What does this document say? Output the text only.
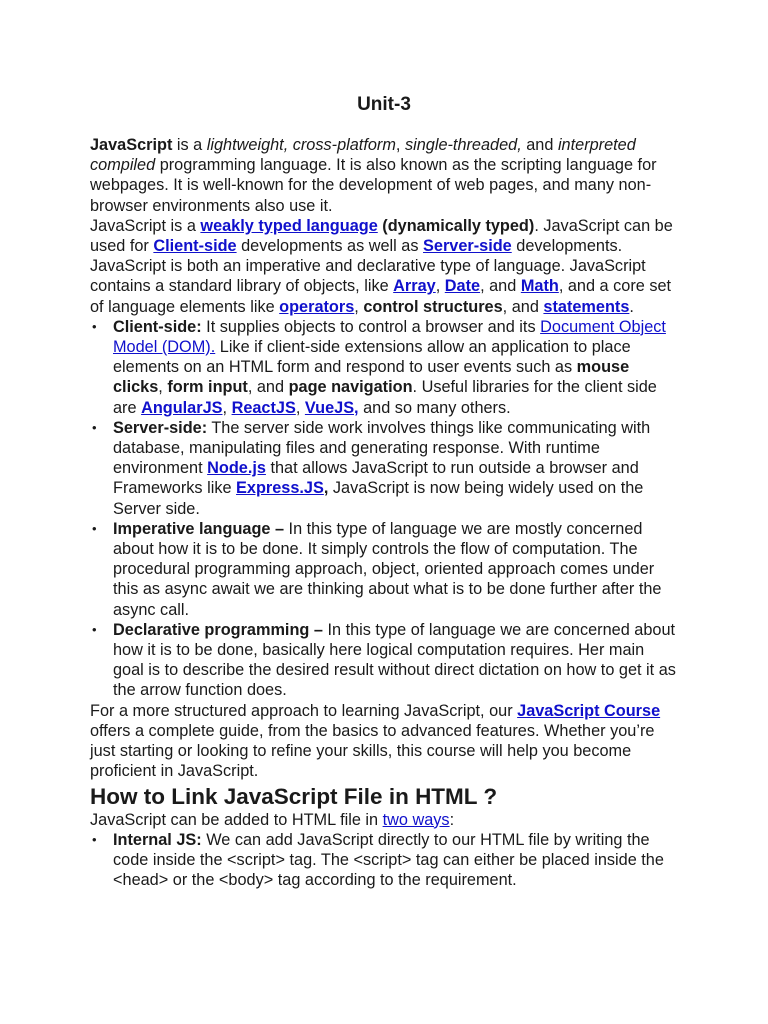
Unit-3

JavaScript is a lightweight, cross-platform, single-threaded, and interpreted compiled programming language. It is also known as the scripting language for webpages. It is well-known for the development of web pages, and many non-browser environments also use it.

JavaScript is a weakly typed language (dynamically typed). JavaScript can be used for Client-side developments as well as Server-side developments. JavaScript is both an imperative and declarative type of language. JavaScript contains a standard library of objects, like Array, Date, and Math, and a core set of language elements like operators, control structures, and statements.

• Client-side: It supplies objects to control a browser and its Document Object Model (DOM). Like if client-side extensions allow an application to place elements on an HTML form and respond to user events such as mouse clicks, form input, and page navigation. Useful libraries for the client side are AngularJS, ReactJS, VueJS, and so many others.
• Server-side: The server side work involves things like communicating with database, manipulating files and generating response. With runtime environment Node.js that allows JavaScript to run outside a browser and Frameworks like Express.JS, JavaScript is now being widely used on the Server side.
• Imperative language – In this type of language we are mostly concerned about how it is to be done. It simply controls the flow of computation. The procedural programming approach, object, oriented approach comes under this as async await we are thinking about what is to be done further after the async call.
• Declarative programming – In this type of language we are concerned about how it is to be done, basically here logical computation requires. Her main goal is to describe the desired result without direct dictation on how to get it as the arrow function does.

For a more structured approach to learning JavaScript, our JavaScript Course offers a complete guide, from the basics to advanced features. Whether you’re just starting or looking to refine your skills, this course will help you become proficient in JavaScript.

How to Link JavaScript File in HTML ?

JavaScript can be added to HTML file in two ways:

• Internal JS: We can add JavaScript directly to our HTML file by writing the code inside the <script> tag. The <script> tag can either be placed inside the <head> or the <body> tag according to the requirement.
